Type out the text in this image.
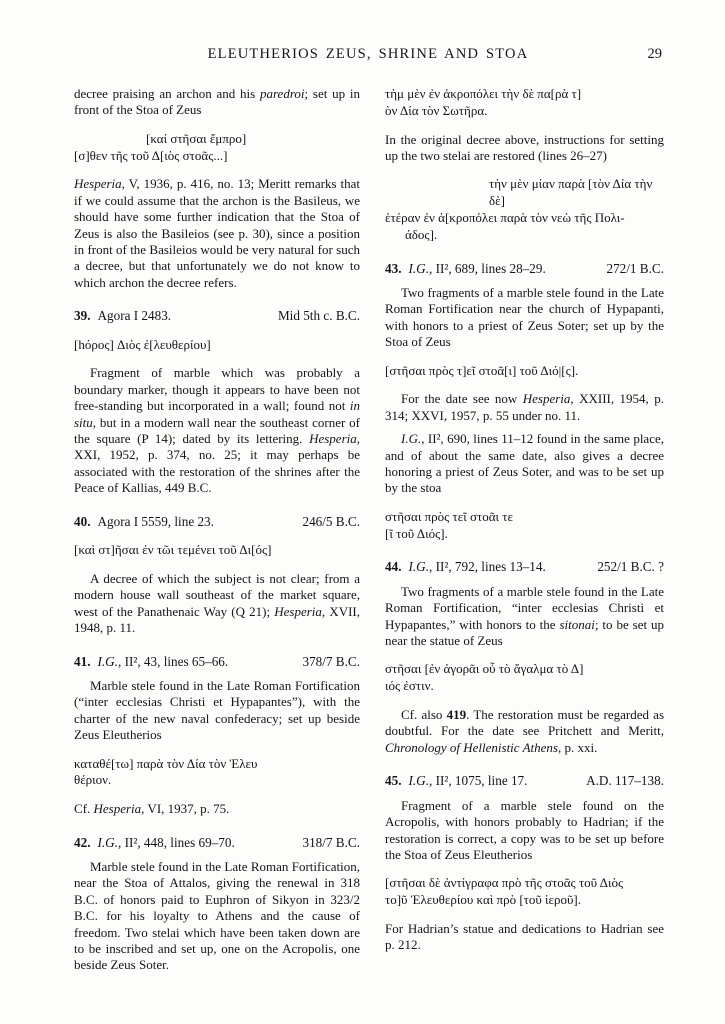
ELEUTHERIOS ZEUS, SHRINE AND STOA	29

decree praising an archon and his paredroi; set up in front of the Stoa of Zeus

[καί στῆσαι ἔμπρο]
[σ]θεν τῆς τοῦ Δ[ιὸς στοᾶς...]

Hesperia, V, 1936, p. 416, no. 13; Meritt remarks that if we could assume that the archon is the Basileus, we should have some further indication that the Stoa of Zeus is also the Basileios (see p. 30), since a position in front of the Basileios would be very natural for such a decree, but that unfortunately we do not know to which archon the decree refers.

39. Agora I 2483.	Mid 5th c. B.C.
[hόρος] Διὸς ἐ[λευθερίου]

Fragment of marble which was probably a boundary marker, though it appears to have been not free-standing but incorporated in a wall; found not in situ, but in a modern wall near the southeast corner of the square (P 14); dated by its lettering. Hesperia, XXI, 1952, p. 374, no. 25; it may perhaps be associated with the restoration of the shrines after the Peace of Kallias, 449 B.C.

40. Agora I 5559, line 23.	246/5 B.C.
[καὶ στ]ῆσαι ἐν τῶι τεμένει τοῦ Δι[ός]

A decree of which the subject is not clear; from a modern house wall southeast of the market square, west of the Panathenaic Way (Q 21); Hesperia, XVII, 1948, p. 11.

41. I.G., II², 43, lines 65–66.	378/7 B.C.

Marble stele found in the Late Roman Fortification (“inter ecclesias Christi et Hypapantes”), with the charter of the new naval confederacy; set up beside Zeus Eleutherios

καταθέ[τω] παρὰ τὸν Δία τὸν Ἐλευ
θέριον.

Cf. Hesperia, VI, 1937, p. 75.

42. I.G., II², 448, lines 69–70.	318/7 B.C.

Marble stele found in the Late Roman Fortification, near the Stoa of Attalos, giving the renewal in 318 B.C. of honors paid to Euphron of Sikyon in 323/2 B.C. for his loyalty to Athens and the cause of freedom. Two stelai which have been taken down are to be inscribed and set up, one on the Acropolis, one beside Zeus Soter.

τὴμ μὲν ἐν ἀκροπόλει τὴν δὲ πα[ρὰ τ]
ὸν Δία τὸν Σωτῆρα.

In the original decree above, instructions for setting up the two stelai are restored (lines 26–27)

τὴν μὲν μίαν παρὰ [τὸν Δία τὴν δὲ]
ἑτέραν ἐν ἀ[κροπόλει παρὰ τὸν νεὼ τῆς Πολι-
άδος].
43. I.G., II², 689, lines 28–29.	272/1 B.C.

Two fragments of a marble stele found in the Late Roman Fortification near the church of Hypapanti, with honors to a priest of Zeus Soter; set up by the Stoa of Zeus

[στῆσαι πρὸς τ]εῖ στοᾶ[ι] τοῦ Διό|[ς].

For the date see now Hesperia, XXIII, 1954, p. 314; XXVI, 1957, p. 55 under no. 11.

I.G., II², 690, lines 11–12 found in the same place, and of about the same date, also gives a decree honoring a priest of Zeus Soter, and was to be set up by the stoa

στῆσαι πρὸς τεῖ στοᾶι τε
[ῖ τοῦ Διός].
44. I.G., II², 792, lines 13–14.	252/1 B.C. ?

Two fragments of a marble stele found in the Late Roman Fortification, “inter ecclesias Christi et Hypapantes,” with honors to the sitonai; to be set up near the statue of Zeus

στῆσαι [ἐν ἀγορᾶι οὗ τὸ ἄγαλμα τὸ Δ]
ιός ἐστιν.

Cf. also 419. The restoration must be regarded as doubtful. For the date see Pritchett and Meritt, Chronology of Hellenistic Athens, p. xxi.

45. I.G., II², 1075, line 17.	A.D. 117–138.

Fragment of a marble stele found on the Acropolis, with honors probably to Hadrian; if the restoration is correct, a copy was to be set up before the Stoa of Zeus Eleutherios

[στῆσαι δὲ ἀντίγραφα πρὸ τῆς στοᾶς τοῦ Διὸς
το]ῦ Ἐλευθερίου καὶ πρὸ [τοῦ ἱεροῦ].

For Hadrian’s statue and dedications to Hadrian see p. 212.
